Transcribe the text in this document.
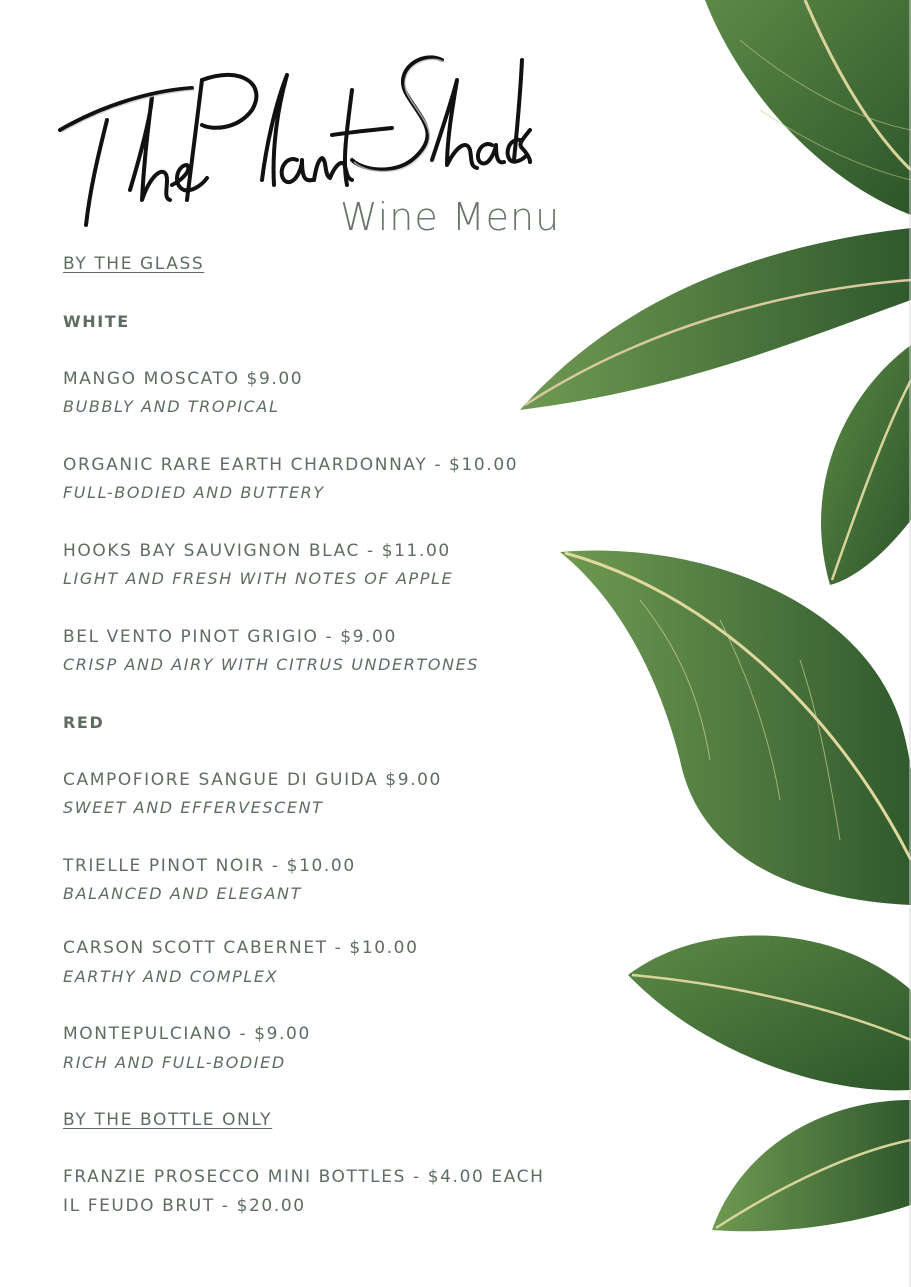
Wine Menu
BY THE GLASS
WHITE
MANGO MOSCATO $9.00
BUBBLY AND TROPICAL
ORGANIC RARE EARTH CHARDONNAY - $10.00
FULL-BODIED AND BUTTERY
HOOKS BAY SAUVIGNON BLAC - $11.00
LIGHT AND FRESH WITH NOTES OF APPLE
BEL VENTO PINOT GRIGIO - $9.00
CRISP AND AIRY WITH CITRUS UNDERTONES
RED
CAMPOFIORE SANGUE DI GUIDA $9.00
SWEET AND EFFERVESCENT
TRIELLE PINOT NOIR - $10.00
BALANCED AND ELEGANT
CARSON SCOTT CABERNET - $10.00
EARTHY AND COMPLEX
MONTEPULCIANO - $9.00
RICH AND FULL-BODIED
BY THE BOTTLE ONLY
FRANZIE PROSECCO MINI BOTTLES - $4.00 EACH
IL FEUDO BRUT - $20.00
